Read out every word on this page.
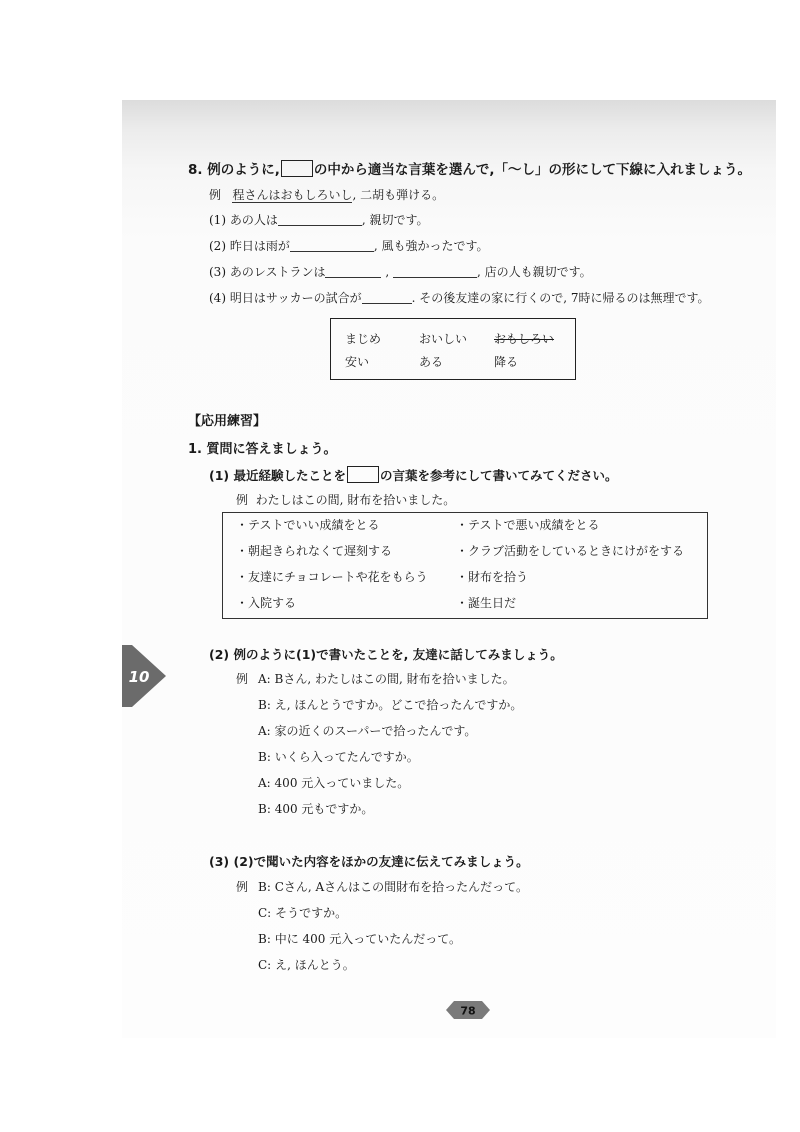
8. 例のように,	の中から適当な言葉を選んで,「～し」の形にして下線に入れましょう。
例 程さんはおもしろいし, 二胡も弾ける。
(1) あの人は	, 親切です。
(2) 昨日は雨が	, 風も強かったです。
(3) あのレストランは	,	, 店の人も親切です。
(4) 明日はサッカーの試合が	. その後友達の家に行くので, 7時に帰るのは無理です。
まじめ	おいしい おもしろい
安い	ある	降る
【応用練習】
1. 質問に答えましょう。
(1) 最近経験したことを	の言葉を参考にして書いてみてください。
例 わたしはこの間, 財布を拾いました。
・テストでいい成績をとる	・テストで悪い成績をとる
・朝起きられなくて遅刻する	・クラブ活動をしているときにけがをする
・友達にチョコレートや花をもらう ・財布を拾う
・入院する	・誕生日だ
10
(2) 例のように(1)で書いたことを, 友達に話してみましょう。
例 A: Bさん, わたしはこの間, 財布を拾いました。
B: え, ほんとうですか。どこで拾ったんですか。
A: 家の近くのスーパーで拾ったんです。
B: いくら入ってたんですか。
A: 400 元入っていました。
B: 400 元もですか。
(3) (2)で聞いた内容をほかの友達に伝えてみましょう。
例 B: Cさん, Aさんはこの間財布を拾ったんだって。
C: そうですか。
B: 中に 400 元入っていたんだって。
C: え, ほんとう。
78
